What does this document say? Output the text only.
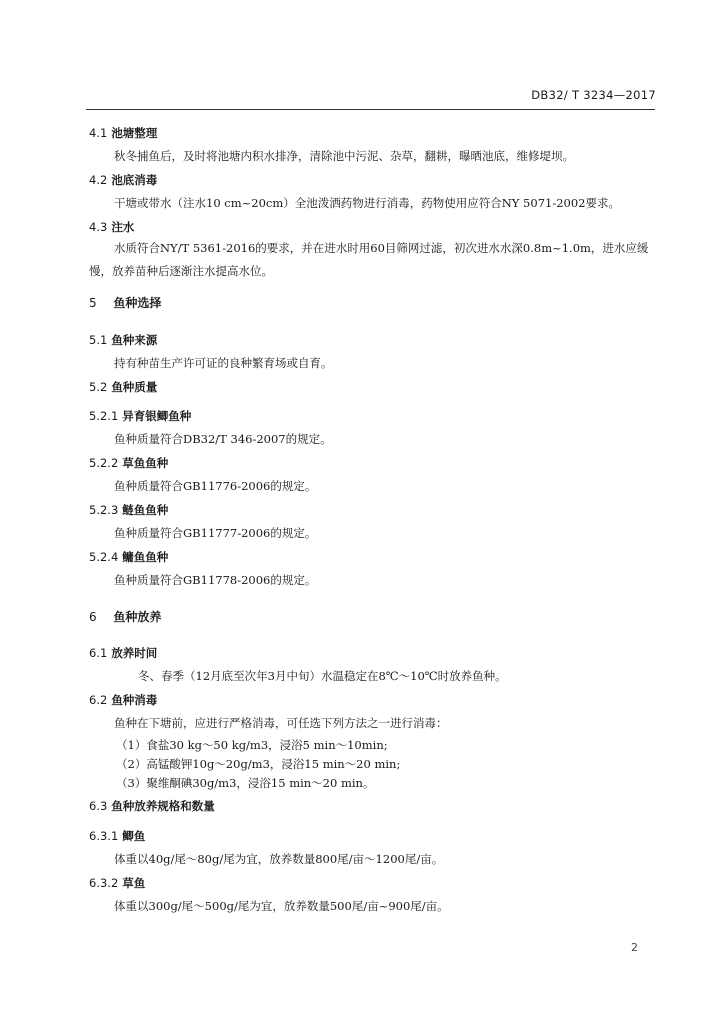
DB32/ T 3234—2017
4.1 池塘整理
秋冬捕鱼后，及时将池塘内积水排净，清除池中污泥、杂草，翻耕，曝晒池底，维修堤坝。
4.2 池底消毒
干塘或带水（注水10 cm~20cm）全池泼洒药物进行消毒，药物使用应符合NY 5071-2002要求。
4.3 注水
水质符合NY/T 5361-2016的要求，并在进水时用60目筛网过滤，初次进水水深0.8m~1.0m，进水应缓慢，放养苗种后逐渐注水提高水位。
5 鱼种选择
5.1 鱼种来源
持有种苗生产许可证的良种繁育场或自育。
5.2 鱼种质量
5.2.1 异育银鲫鱼种
鱼种质量符合DB32/T 346-2007的规定。
5.2.2 草鱼鱼种
鱼种质量符合GB11776-2006的规定。
5.2.3 鲢鱼鱼种
鱼种质量符合GB11777-2006的规定。
5.2.4 鳙鱼鱼种
鱼种质量符合GB11778-2006的规定。
6 鱼种放养
6.1 放养时间
冬、春季（12月底至次年3月中旬）水温稳定在8℃～10℃时放养鱼种。
6.2 鱼种消毒
鱼种在下塘前，应进行严格消毒，可任选下列方法之一进行消毒：
（1）食盐30 kg～50 kg/m3，浸浴5 min～10min;
（2）高锰酸钾10g～20g/m3，浸浴15 min～20 min;
（3）聚维酮碘30g/m3，浸浴15 min～20 min。
6.3 鱼种放养规格和数量
6.3.1 鲫鱼
体重以40g/尾～80g/尾为宜，放养数量800尾/亩～1200尾/亩。
6.3.2 草鱼
体重以300g/尾～500g/尾为宜，放养数量500尾/亩~900尾/亩。
2
